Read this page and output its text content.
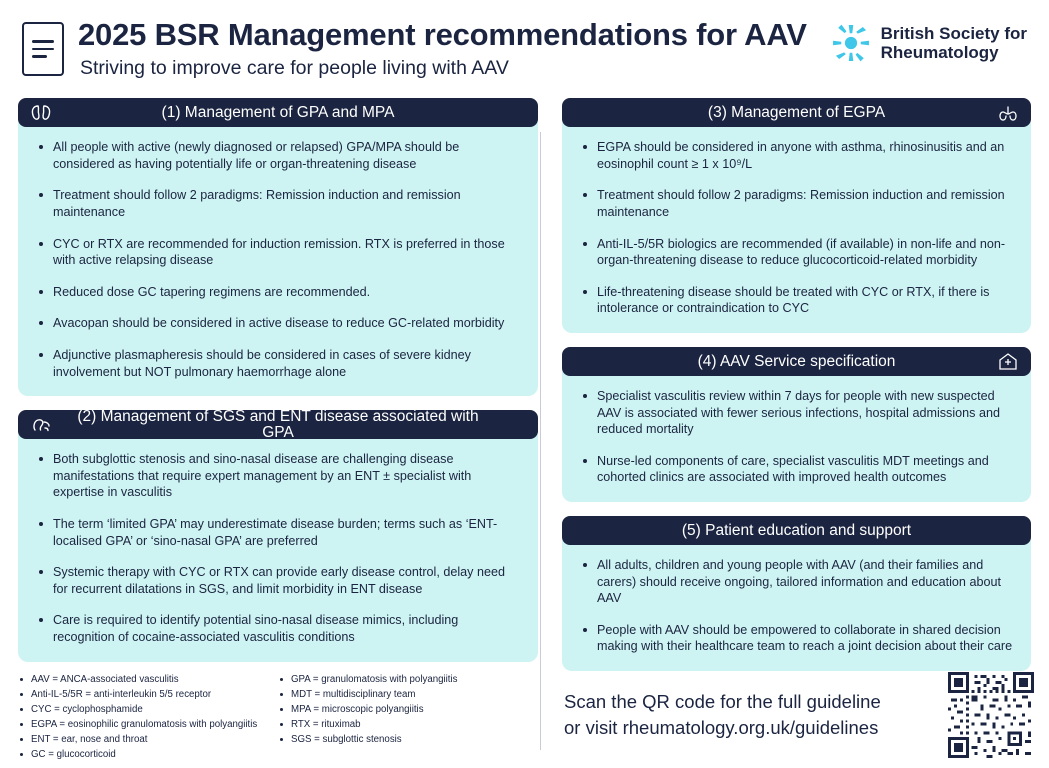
2025 BSR Management recommendations for AAV
Striving to improve care for people living with AAV
British Society for
Rheumatology
(1) Management of GPA and MPA
All people with active (newly diagnosed or relapsed) GPA/MPA should be considered as having potentially life or organ-threatening disease
Treatment should follow 2 paradigms: Remission induction and remission maintenance
CYC or RTX are recommended for induction remission. RTX is preferred in those with active relapsing disease
Reduced dose GC tapering regimens are recommended.
Avacopan should be considered in active disease to reduce GC-related morbidity
Adjunctive plasmapheresis should be considered in cases of severe kidney involvement but NOT pulmonary haemorrhage alone
(2) Management of SGS and ENT disease associated with GPA
Both subglottic stenosis and sino-nasal disease are challenging disease manifestations that require expert management by an ENT ± specialist with expertise in vasculitis
The term ‘limited GPA’ may underestimate disease burden; terms such as ‘ENT-localised GPA’ or ‘sino-nasal GPA’ are preferred
Systemic therapy with CYC or RTX can provide early disease control, delay need for recurrent dilatations in SGS, and limit morbidity in ENT disease
Care is required to identify potential sino-nasal disease mimics, including recognition of cocaine-associated vasculitis conditions
(3) Management of EGPA
EGPA should be considered in anyone with asthma, rhinosinusitis and an eosinophil count ≥ 1 x 10⁹/L
Treatment should follow 2 paradigms: Remission induction and remission maintenance
Anti-IL-5/5R biologics are recommended (if available) in non-life and non-organ-threatening disease to reduce glucocorticoid-related morbidity
Life-threatening disease should be treated with CYC or RTX, if there is intolerance or contraindication to CYC
(4) AAV Service specification
Specialist vasculitis review within 7 days for people with new suspected AAV is associated with fewer serious infections, hospital admissions and reduced mortality
Nurse-led components of care, specialist vasculitis MDT meetings and cohorted clinics are associated with improved health outcomes
(5) Patient education and support
All adults, children and young people with AAV (and their families and carers) should receive ongoing, tailored information and education about AAV
People with AAV should be empowered to collaborate in shared decision making with their healthcare team to reach a joint decision about their care
AAV = ANCA-associated vasculitis
Anti-IL-5/5R = anti-interleukin 5/5 receptor
CYC = cyclophosphamide
EGPA = eosinophilic granulomatosis with polyangiitis
ENT = ear, nose and throat
GC = glucocorticoid
GPA = granulomatosis with polyangiitis
MDT = multidisciplinary team
MPA = microscopic polyangiitis
RTX = rituximab
SGS = subglottic stenosis
Scan the QR code for the full guideline
or visit rheumatology.org.uk/guidelines
